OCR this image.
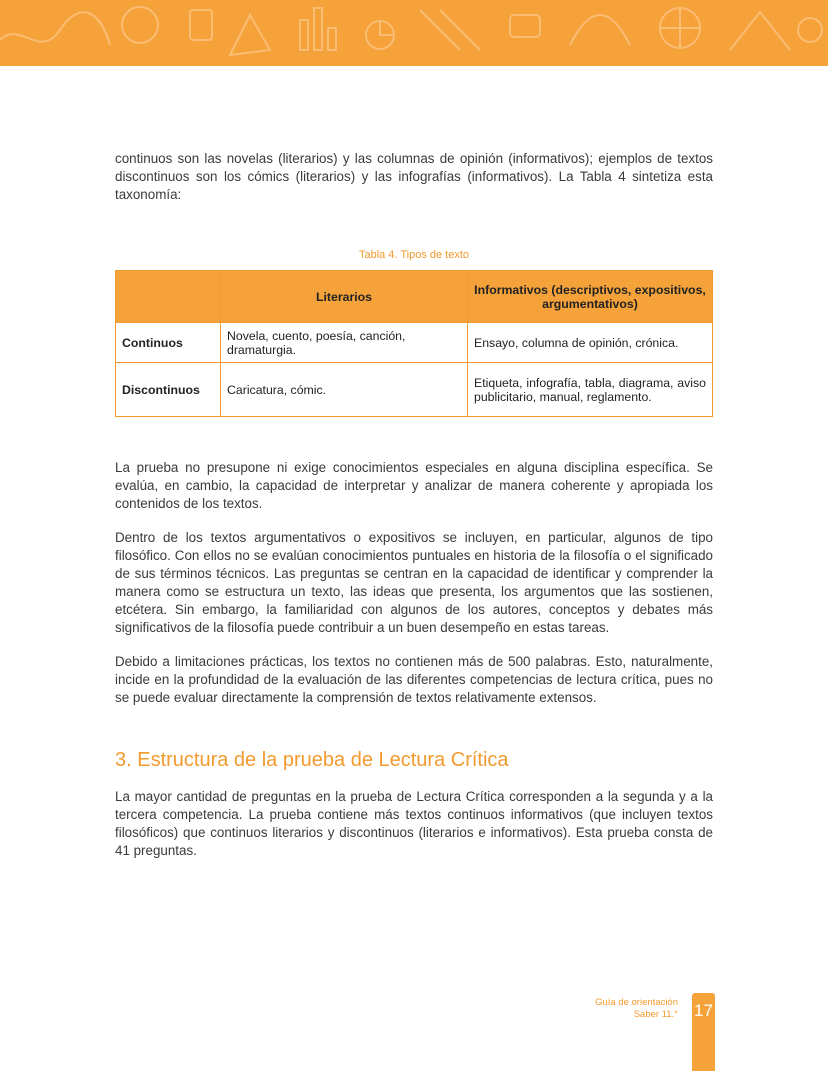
continuos son las novelas (literarios) y las columnas de opinión (informativos); ejemplos de textos discontinuos son los cómics (literarios) y las infografías (informativos). La Tabla 4 sintetiza esta taxonomía:

Tabla 4. Tipos de texto
	Literarios	Informativos (descriptivos, expositivos, argumentativos)
Continuos	Novela, cuento, poesía, canción, dramaturgia.	Ensayo, columna de opinión, crónica.
Discontinuos	Caricatura, cómic.	Etiqueta, infografía, tabla, diagrama, aviso publicitario, manual, reglamento.

La prueba no presupone ni exige conocimientos especiales en alguna disciplina específica. Se evalúa, en cambio, la capacidad de interpretar y analizar de manera coherente y apropiada los contenidos de los textos.

Dentro de los textos argumentativos o expositivos se incluyen, en particular, algunos de tipo filosófico. Con ellos no se evalúan conocimientos puntuales en historia de la filosofía o el significado de sus términos técnicos. Las preguntas se centran en la capacidad de identificar y comprender la manera como se estructura un texto, las ideas que presenta, los argumentos que las sostienen, etcétera. Sin embargo, la familiaridad con algunos de los autores, conceptos y debates más significativos de la filosofía puede contribuir a un buen desempeño en estas tareas.

Debido a limitaciones prácticas, los textos no contienen más de 500 palabras. Esto, naturalmente, incide en la profundidad de la evaluación de las diferentes competencias de lectura crítica, pues no se puede evaluar directamente la comprensión de textos relativamente extensos.

3. Estructura de la prueba de Lectura Crítica

La mayor cantidad de preguntas en la prueba de Lectura Crítica corresponden a la segunda y a la tercera competencia. La prueba contiene más textos continuos informativos (que incluyen textos filosóficos) que continuos literarios y discontinuos (literarios e informativos). Esta prueba consta de 41 preguntas.

Guía de orientación
Saber 11.° 17
